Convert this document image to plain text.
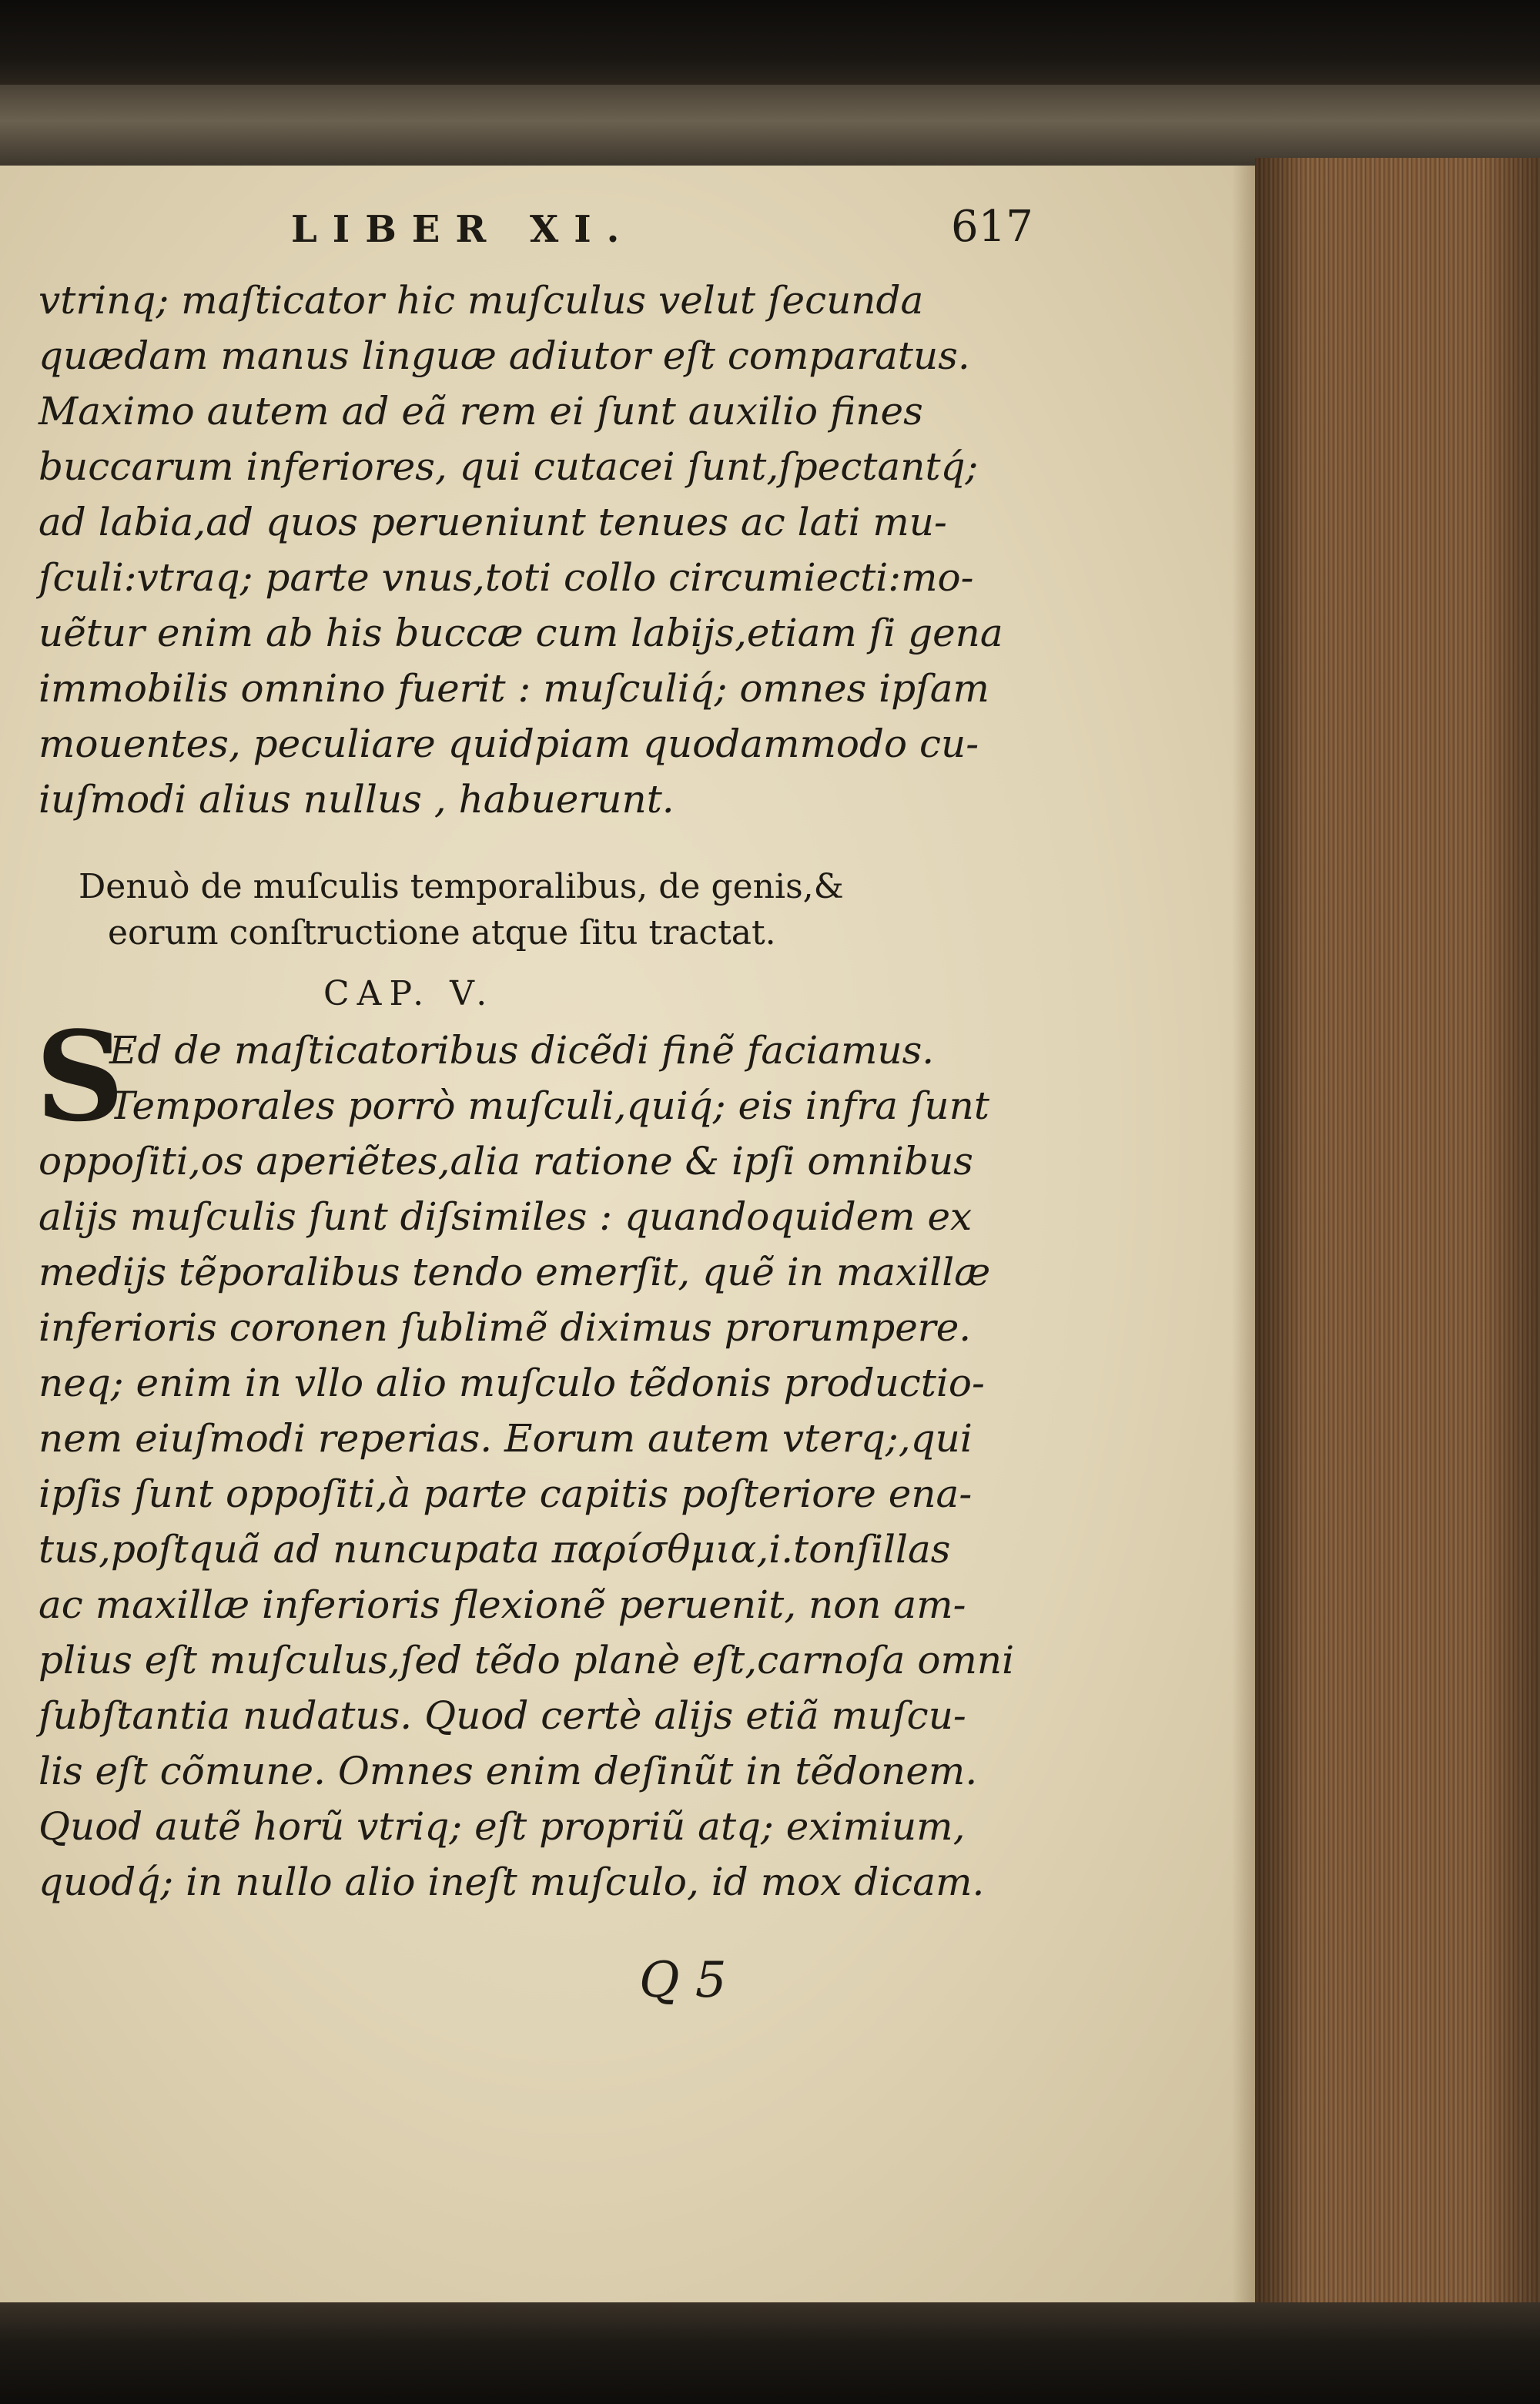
LIBER XI.	617
vtrinq; maſticator hic muſculus velut ſecunda
quædam manus linguæ adiutor eſt comparatus.
Maximo autem ad eã rem ei ſunt auxilio fines
buccarum inferiores, qui cutacei ſunt,ſpectantq́;
ad labia,ad quos perueniunt tenues ac lati mu-
ſculi:vtraq; parte vnus,toti collo circumiecti:mo-
uẽtur enim ab his buccæ cum labijs,etiam ſi gena
immobilis omnino fuerit : muſculiq́; omnes ipſam
mouentes, peculiare quidpiam quodammodo cu-
iuſmodi alius nullus , habuerunt.
Denuò de muſculis temporalibus, de genis,&
eorum conſtructione atque ſitu tractat.
CAP. V.
S
Ed de maſticatoribus dicẽdi finẽ faciamus.
Temporales porrò muſculi,quiq́; eis infra ſunt
oppoſiti,os aperiẽtes,alia ratione & ipſi omnibus
alijs muſculis ſunt diſsimiles : quandoquidem ex
medijs tẽporalibus tendo emerſit, quẽ in maxillæ
inferioris coronen ſublimẽ diximus prorumpere.
neq; enim in vllo alio muſculo tẽdonis productio-
nem eiuſmodi reperias. Eorum autem vterq;,qui
ipſis ſunt oppoſiti,à parte capitis poſteriore ena-
tus,poſtquã ad nuncupata παρίσθμια,i.tonſillas
ac maxillæ inferioris flexionẽ peruenit, non am-
plius eſt muſculus,ſed tẽdo planè eſt,carnoſa omni
ſubſtantia nudatus. Quod certè alijs etiã muſcu-
lis eſt cõmune. Omnes enim deſinũt in tẽdonem.
Quod autẽ horũ vtriq; eſt propriũ atq; eximium,
quodq́; in nullo alio ineſt muſculo, id mox dicam.
Q 5
